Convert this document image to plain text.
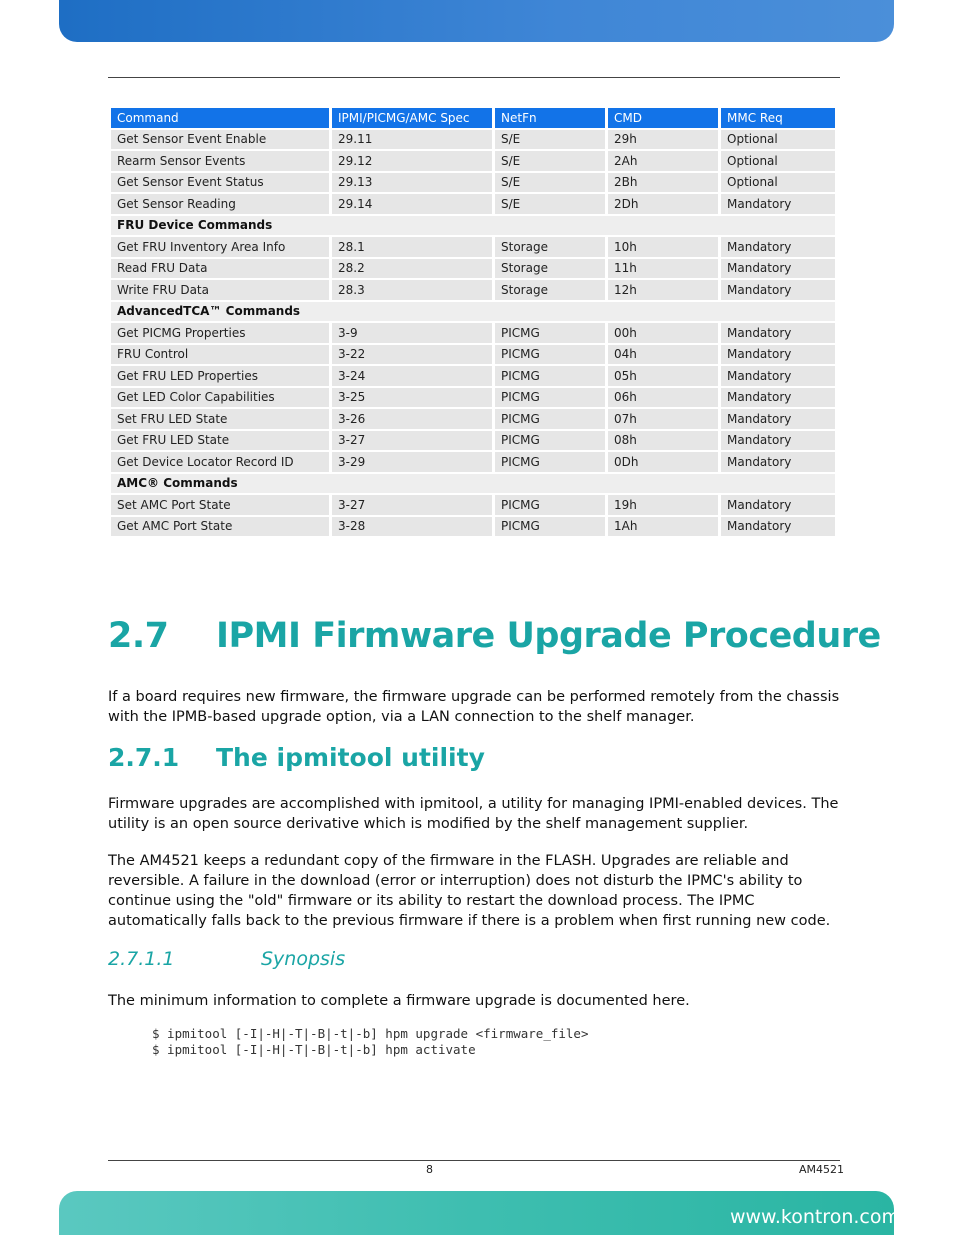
Command	IPMI/PICMG/AMC Spec	NetFn	CMD	MMC Req
Get Sensor Event Enable	29.11	S/E	29h	Optional
Rearm Sensor Events	29.12	S/E	2Ah	Optional
Get Sensor Event Status	29.13	S/E	2Bh	Optional
Get Sensor Reading	29.14	S/E	2Dh	Mandatory
FRU Device Commands				
Get FRU Inventory Area Info	28.1	Storage	10h	Mandatory
Read FRU Data	28.2	Storage	11h	Mandatory
Write FRU Data	28.3	Storage	12h	Mandatory
AdvancedTCA™ Commands				
Get PICMG Properties	3-9	PICMG	00h	Mandatory
FRU Control	3-22	PICMG	04h	Mandatory
Get FRU LED Properties	3-24	PICMG	05h	Mandatory
Get LED Color Capabilities	3-25	PICMG	06h	Mandatory
Set FRU LED State	3-26	PICMG	07h	Mandatory
Get FRU LED State	3-27	PICMG	08h	Mandatory
Get Device Locator Record ID	3-29	PICMG	0Dh	Mandatory
AMC® Commands				
Set AMC Port State	3-27	PICMG	19h	Mandatory
Get AMC Port State	3-28	PICMG	1Ah	Mandatory
2.7 IPMI Firmware Upgrade Procedure

If a board requires new firmware, the firmware upgrade can be performed remotely from the chassis with the IPMB-based upgrade option, via a LAN connection to the shelf manager.

2.7.1 The ipmitool utility

Firmware upgrades are accomplished with ipmitool, a utility for managing IPMI-enabled devices. The utility is an open source derivative which is modified by the shelf management supplier.

The AM4521 keeps a redundant copy of the firmware in the FLASH. Upgrades are reliable and reversible. A failure in the download (error or interruption) does not disturb the IPMC's ability to continue using the "old" firmware or its ability to restart the download process. The IPMC automatically falls back to the previous firmware if there is a problem when first running new code.

2.7.1.1	Synopsis

The minimum information to complete a firmware upgrade is documented here.

$ ipmitool [-I|-H|-T|-B|-t|-b] hpm upgrade <firmware_file>
$ ipmitool [-I|-H|-T|-B|-t|-b] hpm activate
8	AM4521
www.kontron.com
